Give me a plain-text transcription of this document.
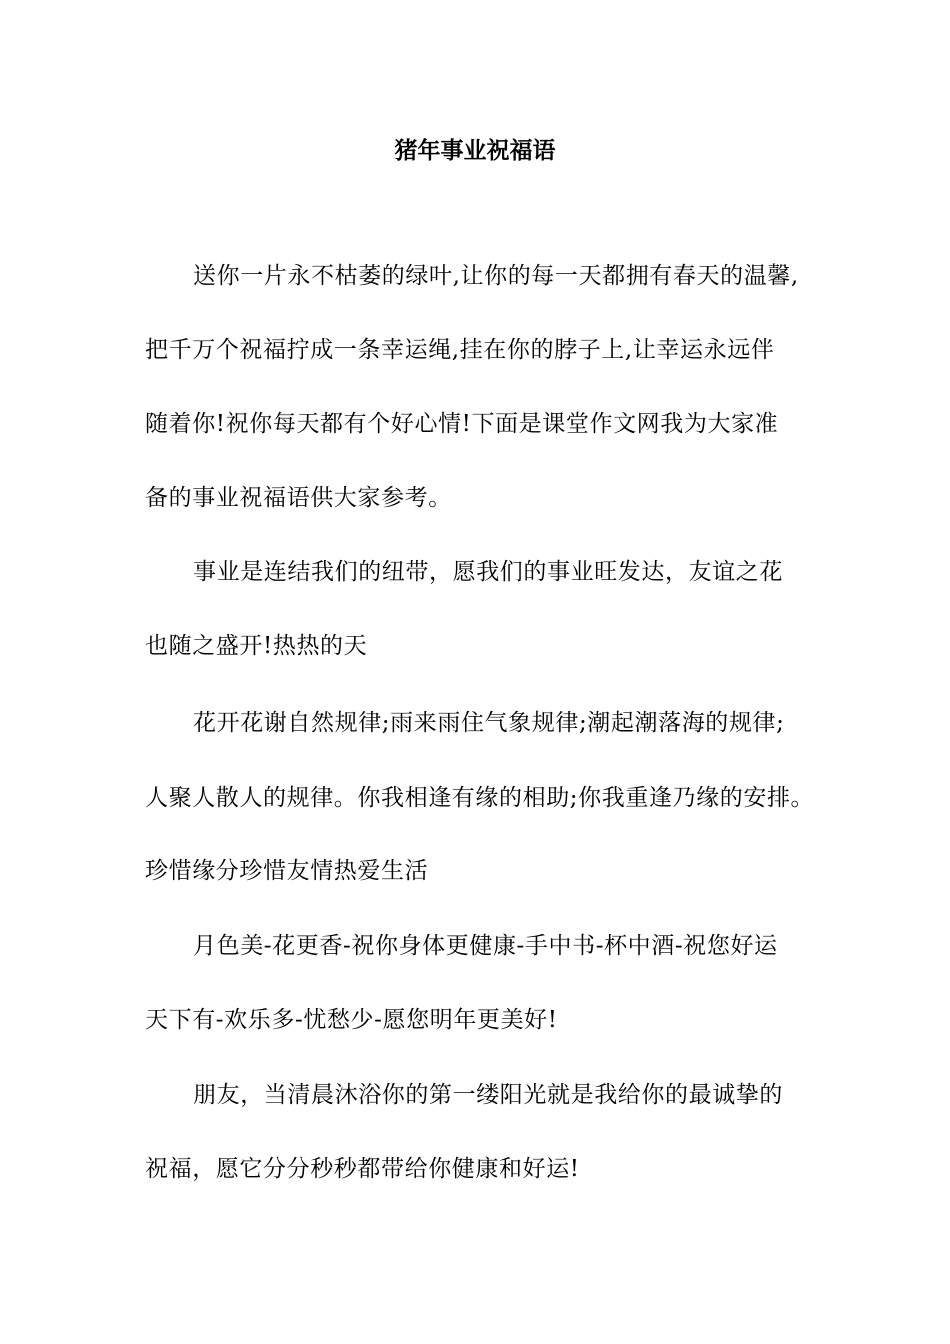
猪年事业祝福语
送你一片永不枯萎的绿叶,让你的每一天都拥有春天的温馨,
把千万个祝福拧成一条幸运绳,挂在你的脖子上,让幸运永远伴
随着你!祝你每天都有个好心情!下面是课堂作文网我为大家准
备的事业祝福语供大家参考。
事业是连结我们的纽带，愿我们的事业旺发达，友谊之花
也随之盛开!热热的天
花开花谢自然规律;雨来雨住气象规律;潮起潮落海的规律;
人聚人散人的规律。你我相逢有缘的相助;你我重逢乃缘的安排。
珍惜缘分珍惜友情热爱生活
月色美-花更香-祝你身体更健康-手中书-杯中酒-祝您好运
天下有-欢乐多-忧愁少-愿您明年更美好!
朋友，当清晨沐浴你的第一缕阳光就是我给你的最诚挚的
祝福，愿它分分秒秒都带给你健康和好运!
